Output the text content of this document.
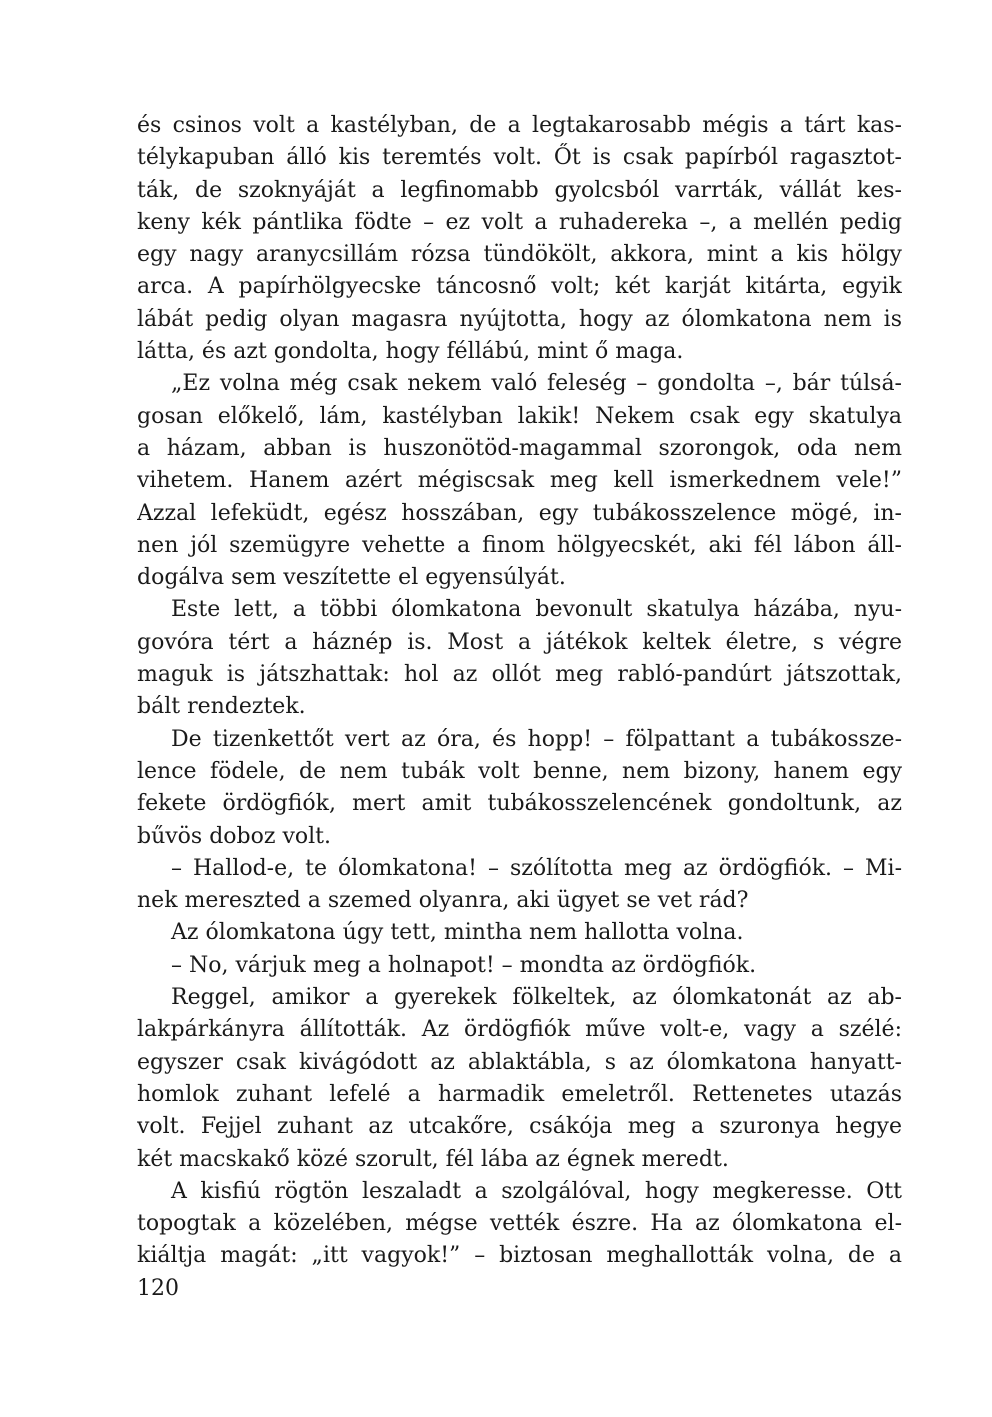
és csinos volt a kastélyban, de a legtakarosabb mégis a tárt kas-
télykapuban álló kis teremtés volt. Őt is csak papírból ragasztot-
ták, de szoknyáját a legfinomabb gyolcsból varrták, vállát kes-
keny kék pántlika födte – ez volt a ruhadereka –, a mellén pedig
egy nagy aranycsillám rózsa tündökölt, akkora, mint a kis hölgy
arca. A papírhölgyecske táncosnő volt; két karját kitárta, egyik
lábát pedig olyan magasra nyújtotta, hogy az ólomkatona nem is
látta, és azt gondolta, hogy féllábú, mint ő maga.
„Ez volna még csak nekem való feleség – gondolta –, bár túlsá-
gosan előkelő, lám, kastélyban lakik! Nekem csak egy skatulya
a házam, abban is huszonötöd-magammal szorongok, oda nem
vihetem. Hanem azért mégiscsak meg kell ismerkednem vele!”
Azzal lefeküdt, egész hosszában, egy tubákosszelence mögé, in-
nen jól szemügyre vehette a finom hölgyecskét, aki fél lábon áll-
dogálva sem veszítette el egyensúlyát.
Este lett, a többi ólomkatona bevonult skatulya házába, nyu-
govóra tért a háznép is. Most a játékok keltek életre, s végre
maguk is játszhattak: hol az ollót meg rabló-pandúrt játszottak,
bált rendeztek.
De tizenkettőt vert az óra, és hopp! – fölpattant a tubákossze-
lence födele, de nem tubák volt benne, nem bizony, hanem egy
fekete ördögfiók, mert amit tubákosszelencének gondoltunk, az
bűvös doboz volt.
– Hallod-e, te ólomkatona! – szólította meg az ördögfiók. – Mi-
nek mereszted a szemed olyanra, aki ügyet se vet rád?
Az ólomkatona úgy tett, mintha nem hallotta volna.
– No, várjuk meg a holnapot! – mondta az ördögfiók.
Reggel, amikor a gyerekek fölkeltek, az ólomkatonát az ab-
lakpárkányra állították. Az ördögfiók műve volt-e, vagy a szélé:
egyszer csak kivágódott az ablaktábla, s az ólomkatona hanyatt-
homlok zuhant lefelé a harmadik emeletről. Rettenetes utazás
volt. Fejjel zuhant az utcakőre, csákója meg a szuronya hegye
két macskakő közé szorult, fél lába az égnek meredt.
A kisfiú rögtön leszaladt a szolgálóval, hogy megkeresse. Ott
topogtak a közelében, mégse vették észre. Ha az ólomkatona el-
kiáltja magát: „itt vagyok!” – biztosan meghallották volna, de a
120
